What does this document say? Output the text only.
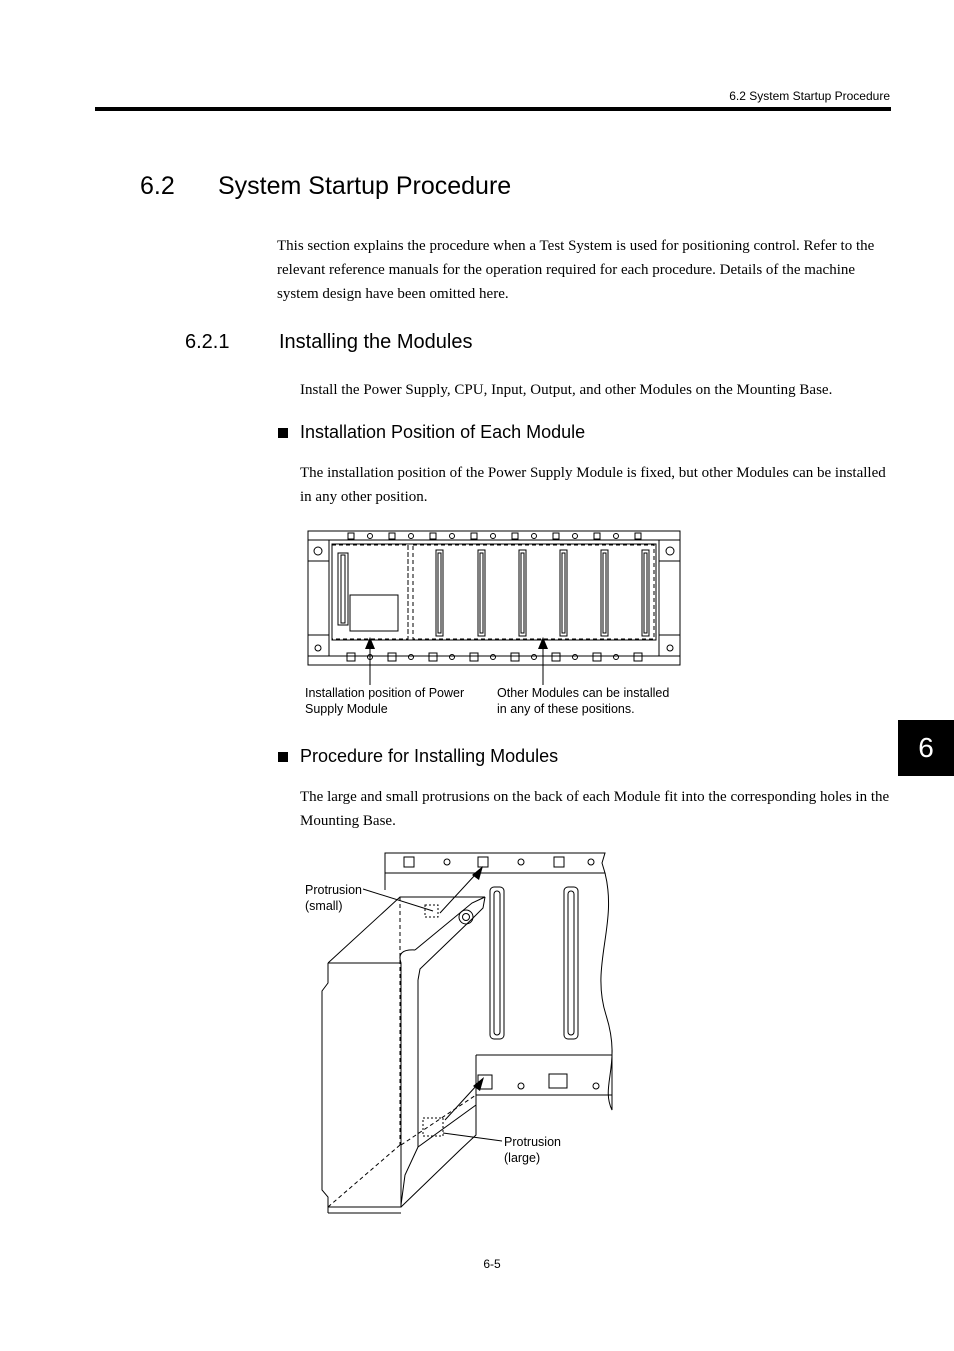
6.2 System Startup Procedure
6.2 System Startup Procedure
This section explains the procedure when a Test System is used for positioning control. Refer to the relevant reference manuals for the operation required for each procedure. Details of the machine system design have been omitted here.
6.2.1 Installing the Modules
Install the Power Supply, CPU, Input, Output, and other Modules on the Mounting Base.
Installation Position of Each Module
The installation position of the Power Supply Module is fixed, but other Modules can be installed in any other position.
Installation position of Power
Supply Module
Other Modules can be installed
in any of these positions.
Procedure for Installing Modules
The large and small protrusions on the back of each Module fit into the corresponding holes in the Mounting Base.
Protrusion
(small)
Protrusion
(large)
6-5
6
